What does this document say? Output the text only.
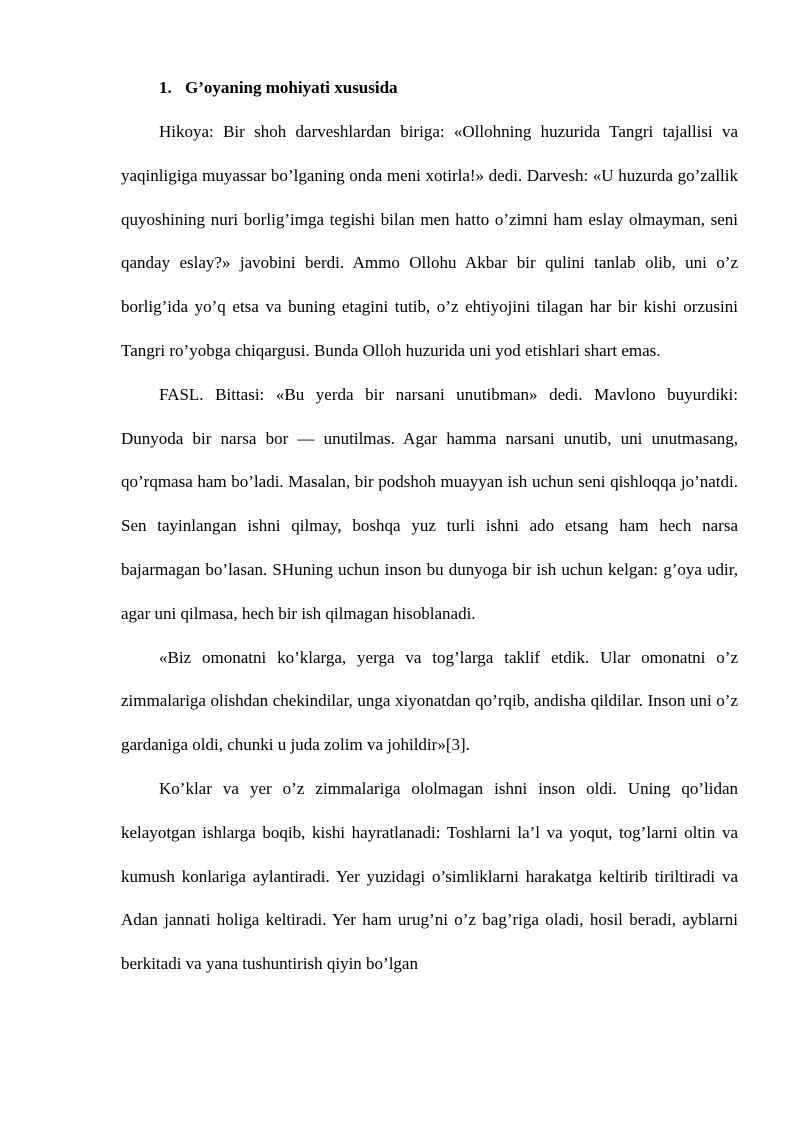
1. G’oyaning mohiyati xususida

Hikoya: Bir shoh darveshlardan biriga: «Ollohning huzurida Tangri tajallisi va yaqinligiga muyassar bo’lganing onda meni xotirla!» dedi. Darvesh: «U huzurda go’zallik quyoshining nuri borlig’imga tegishi bilan men hatto o’zimni ham eslay olmayman, seni qanday eslay?» javobini berdi. Ammo Ollohu Akbar bir qulini tanlab olib, uni o’z borlig’ida yo’q etsa va buning etagini tutib, o’z ehtiyojini tilagan har bir kishi orzusini Tangri ro’yobga chiqargusi. Bunda Olloh huzurida uni yod etishlari shart emas.

FASL. Bittasi: «Bu yerda bir narsani unutibman» dedi. Mavlono buyurdiki: Dunyoda bir narsa bor — unutilmas. Agar hamma narsani unutib, uni unutmasang, qo’rqmasa ham bo’ladi. Masalan, bir podshoh muayyan ish uchun seni qishloqqa jo’natdi. Sen tayinlangan ishni qilmay, boshqa yuz turli ishni ado etsang ham hech narsa bajarmagan bo’lasan. SHuning uchun inson bu dunyoga bir ish uchun kelgan: g’oya udir, agar uni qilmasa, hech bir ish qilmagan hisoblanadi.

«Biz omonatni ko’klarga, yerga va tog’larga taklif etdik. Ular omonatni o’z zimmalariga olishdan chekindilar, unga xiyonatdan qo’rqib, andisha qildilar. Inson uni o’z gardaniga oldi, chunki u juda zolim va johildir»[3].

Ko’klar va yer o’z zimmalariga ololmagan ishni inson oldi. Uning qo’lidan kelayotgan ishlarga boqib, kishi hayratlanadi: Toshlarni la’l va yoqut, tog’larni oltin va kumush konlariga aylantiradi. Yer yuzidagi o’simliklarni harakatga keltirib tiriltiradi va Adan jannati holiga keltiradi. Yer ham urug’ni o’z bag’riga oladi, hosil beradi, ayblarni berkitadi va yana tushuntirish qiyin bo’lgan
